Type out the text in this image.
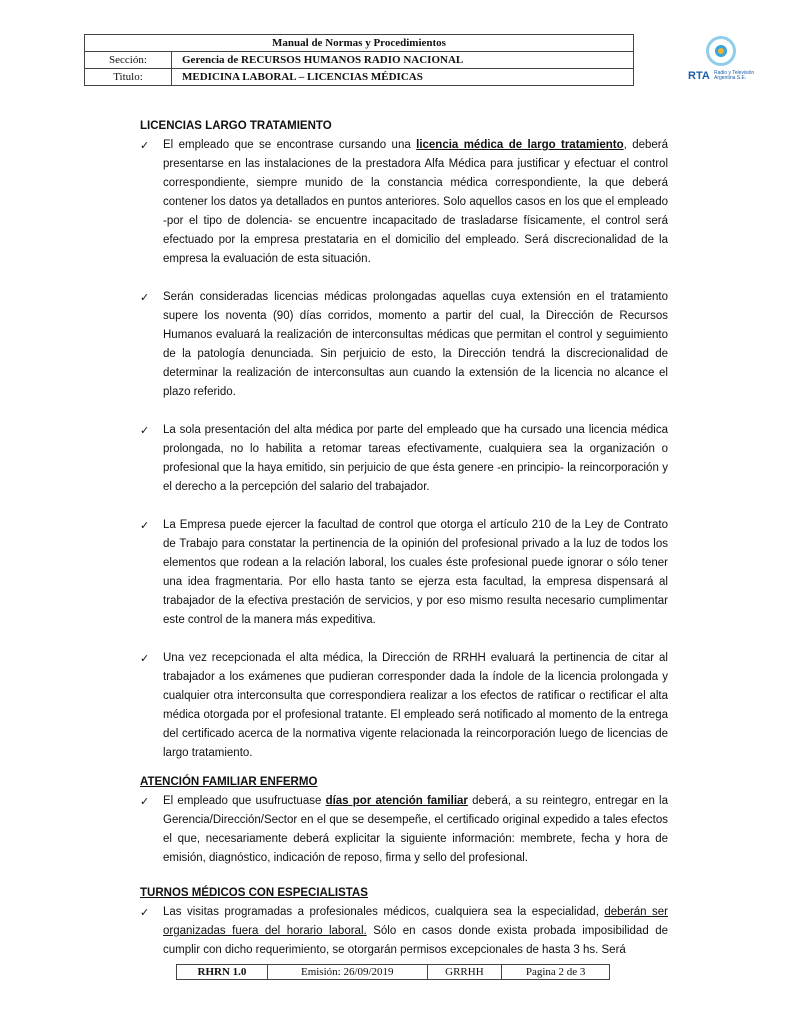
Manual de Normas y Procedimientos	
Sección:	Gerencia de RECURSOS HUMANOS RADIO NACIONAL
Titulo:	MEDICINA LABORAL – LICENCIAS MÉDICAS	RTA Radio y Televisión Argentina S.E.

LICENCIAS LARGO TRATAMIENTO

✓ El empleado que se encontrase cursando una licencia médica de largo tratamiento, deberá presentarse en las instalaciones de la prestadora Alfa Médica para justificar y efectuar el control correspondiente, siempre munido de la constancia médica correspondiente, la que deberá contener los datos ya detallados en puntos anteriores. Solo aquellos casos en los que el empleado -por el tipo de dolencia- se encuentre incapacitado de trasladarse físicamente, el control será efectuado por la empresa prestataria en el domicilio del empleado. Será discrecionalidad de la empresa la evaluación de esta situación.

✓ Serán consideradas licencias médicas prolongadas aquellas cuya extensión en el tratamiento supere los noventa (90) días corridos, momento a partir del cual, la Dirección de Recursos Humanos evaluará la realización de interconsultas médicas que permitan el control y seguimiento de la patología denunciada. Sin perjuicio de esto, la Dirección tendrá la discrecionalidad de determinar la realización de interconsultas aun cuando la extensión de la licencia no alcance el plazo referido.

✓ La sola presentación del alta médica por parte del empleado que ha cursado una licencia médica prolongada, no lo habilita a retomar tareas efectivamente, cualquiera sea la organización o profesional que la haya emitido, sin perjuicio de que ésta genere -en principio- la reincorporación y el derecho a la percepción del salario del trabajador.

✓ La Empresa puede ejercer la facultad de control que otorga el artículo 210 de la Ley de Contrato de Trabajo para constatar la pertinencia de la opinión del profesional privado a la luz de todos los elementos que rodean a la relación laboral, los cuales éste profesional puede ignorar o sólo tener una idea fragmentaria. Por ello hasta tanto se ejerza esta facultad, la empresa dispensará al trabajador de la efectiva prestación de servicios, y por eso mismo resulta necesario cumplimentar este control de la manera más expeditiva.

✓ Una vez recepcionada el alta médica, la Dirección de RRHH evaluará la pertinencia de citar al trabajador a los exámenes que pudieran corresponder dada la índole de la licencia prolongada y cualquier otra interconsulta que correspondiera realizar a los efectos de ratificar o rectificar el alta médica otorgada por el profesional tratante. El empleado será notificado al momento de la entrega del certificado acerca de la normativa vigente relacionada la reincorporación luego de licencias de largo tratamiento.

ATENCIÓN FAMILIAR ENFERMO

✓ El empleado que usufructuase días por atención familiar deberá, a su reintegro, entregar en la Gerencia/Dirección/Sector en el que se desempeñe, el certificado original expedido a tales efectos el que, necesariamente deberá explicitar la siguiente información: membrete, fecha y hora de emisión, diagnóstico, indicación de reposo, firma y sello del profesional.

TURNOS MÉDICOS CON ESPECIALISTAS

✓ Las visitas programadas a profesionales médicos, cualquiera sea la especialidad, deberán ser organizadas fuera del horario laboral. Sólo en casos donde exista probada imposibilidad de cumplir con dicho requerimiento, se otorgarán permisos excepcionales de hasta 3 hs. Será

RHRN 1.0	Emisión: 26/09/2019	GRRHH	Pagina 2 de 3
